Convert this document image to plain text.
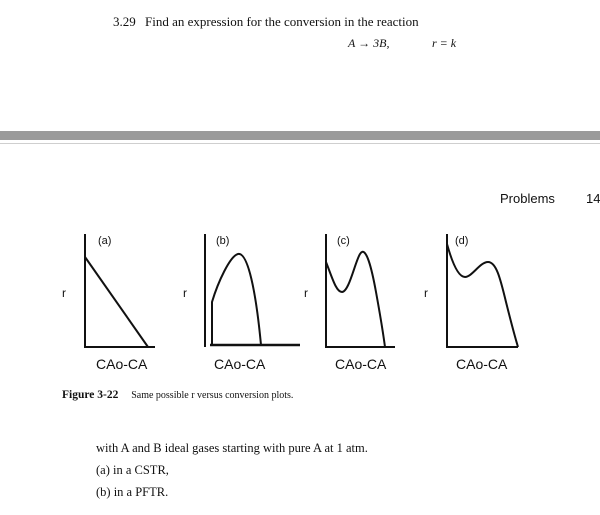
3.29 Find an expression for the conversion in the reaction
A → 3B,	r = k
Problems 14
(a)	(b)	(c)	(d)
r	r	r	r
CAo-CA	CAo-CA	CAo-CA	CAo-CA
Figure 3-22 Same possible r versus conversion plots.
with A and B ideal gases starting with pure A at 1 atm.
(a) in a CSTR,
(b) in a PFTR.
